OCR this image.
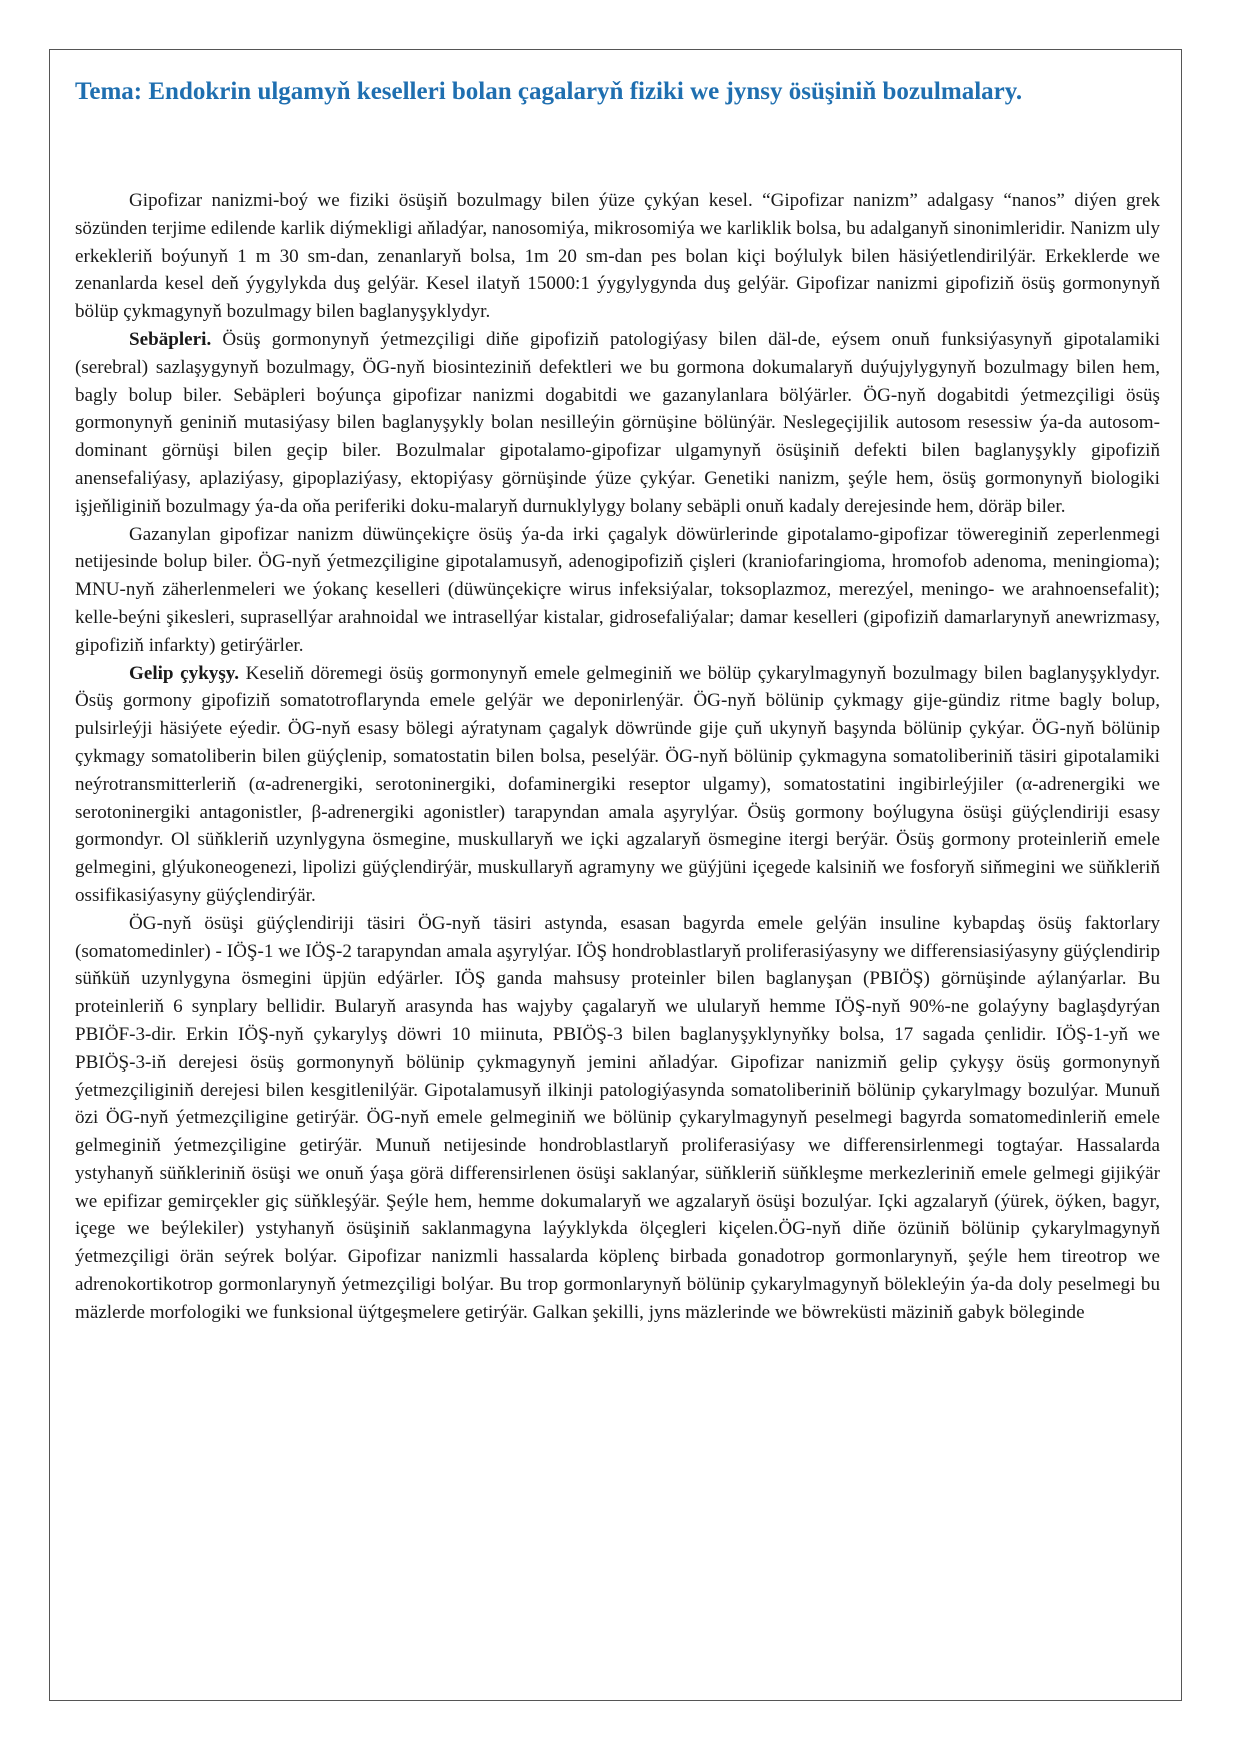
Tema: Endokrin ulgamyň keselleri bolan çagalaryň fiziki we jynsy ösüşiniň bozulmalary.

Gipofizar nanizmi-boý we fiziki ösüşiň bozulmagy bilen ýüze çykýan kesel. “Gipofizar nanizm” adalgasy “nanos” diýen grek sözünden terjime edilende karlik diýmekligi aňladýar, nanosomiýa, mikrosomiýa we karliklik bolsa, bu adalganyň sinonimleridir. Nanizm uly erkekleriň boýunyň 1 m 30 sm-dan, zenanlaryň bolsa, 1m 20 sm-dan pes bolan kiçi boýlulyk bilen häsiýetlendirilýär. Erkeklerde we zenanlarda kesel deň ýygylykda duş gelýär. Kesel ilatyň 15000:1 ýygylygynda duş gelýär. Gipofizar nanizmi gipofiziň ösüş gormonynyň bölüp çykmagynyň bozulmagy bilen baglanyşyklydyr.

Sebäpleri. Ösüş gormonynyň ýetmezçiligi diňe gipofiziň patologiýasy bilen däl-de, eýsem onuň funksiýasynyň gipotalamiki (serebral) sazlaşygynyň bozulmagy, ÖG-nyň biosinteziniň defektleri we bu gormona dokumalaryň duýujylygynyň bozulmagy bilen hem, bagly bolup biler. Sebäpleri boýunça gipofizar nanizmi dogabitdi we gazanylanlara bölýärler. ÖG-nyň dogabitdi ýetmezçiligi ösüş gormonynyň geniniň mutasiýasy bilen baglanyşykly bolan nesilleýin görnüşine bölünýär. Neslegeçijilik autosom resessiw ýa-da autosom-dominant görnüşi bilen geçip biler. Bozulmalar gipotalamo-gipofizar ulgamynyň ösüşiniň defekti bilen baglanyşykly gipofiziň anensefaliýasy, aplaziýasy, gipoplaziýasy, ektopiýasy görnüşinde ýüze çykýar. Genetiki nanizm, şeýle hem, ösüş gormonynyň biologiki işjeňliginiň bozulmagy ýa-da oňa periferiki doku-malaryň durnuklylygy bolany sebäpli onuň kadaly derejesinde hem, döräp biler.

Gazanylan gipofizar nanizm düwünçekiçre ösüş ýa-da irki çagalyk döwürlerinde gipotalamo-gipofizar töwereginiň zeperlenmegi netijesinde bolup biler. ÖG-nyň ýetmezçiligine gipotalamusyň, adenogipofiziň çişleri (kraniofaringioma, hromofob adenoma, meningioma); MNU-nyň zäherlenmeleri we ýokanç keselleri (düwünçekiçre wirus infeksiýalar, toksoplazmoz, merezýel, meningo- we arahnoensefalit); kelle-beýni şikesleri, suprasellýar arahnoidal we intrasellýar kistalar, gidrosefaliýalar; damar keselleri (gipofiziň damarlarynyň anewrizmasy, gipofiziň infarkty) getirýärler.

Gelip çykyşy. Keseliň döremegi ösüş gormonynyň emele gelmeginiň we bölüp çykarylmagynyň bozulmagy bilen baglanyşyklydyr. Ösüş gormony gipofiziň somatotroflarynda emele gelýär we deponirlenýär. ÖG-nyň bölünip çykmagy gije-gündiz ritme bagly bolup, pulsirleýji häsiýete eýedir. ÖG-nyň esasy bölegi aýratynam çagalyk döwründe gije çuň ukynyň başynda bölünip çykýar. ÖG-nyň bölünip çykmagy somatoliberin bilen güýçlenip, somatostatin bilen bolsa, peselýär. ÖG-nyň bölünip çykmagyna somatoliberiniň täsiri gipotalamiki neýrotransmitterleriň (α-adrenergiki, serotoninergiki, dofaminergiki reseptor ulgamy), somatostatini ingibirleýjiler (α-adrenergiki we serotoninergiki antagonistler, β-adrenergiki agonistler) tarapyndan amala aşyrylýar. Ösüş gormony boýlugyna ösüşi güýçlendiriji esasy gormondyr. Ol süňkleriň uzynlygyna ösmegine, muskullaryň we içki agzalaryň ösmegine itergi berýär. Ösüş gormony proteinleriň emele gelmegini, glýukoneogenezi, lipolizi güýçlendirýär, muskullaryň agramyny we güýjüni içegede kalsiniň we fosforyň siňmegini we süňkleriň ossifikasiýasyny güýçlendirýär.

ÖG-nyň ösüşi güýçlendiriji täsiri ÖG-nyň täsiri astynda, esasan bagyrda emele gelýän insuline kybapdaş ösüş faktorlary (somatomedinler) - IÖŞ-1 we IÖŞ-2 tarapyndan amala aşyrylýar. IÖŞ hondroblastlaryň proliferasiýasyny we differensiasiýasyny güýçlendirip süňküň uzynlygyna ösmegini üpjün edýärler. IÖŞ ganda mahsusy proteinler bilen baglanyşan (PBIÖŞ) görnüşinde aýlanýarlar. Bu proteinleriň 6 synplary bellidir. Bularyň arasynda has wajyby çagalaryň we ulularyň hemme IÖŞ-nyň 90%-ne golaýyny baglaşdyrýan PBIÖF-3-dir. Erkin IÖŞ-nyň çykarylyş döwri 10 miinuta, PBIÖŞ-3 bilen baglanyşyklynyňky bolsa, 17 sagada çenlidir. IÖŞ-1-yň we PBIÖŞ-3-iň derejesi ösüş gormonynyň bölünip çykmagynyň jemini aňladýar. Gipofizar nanizmiň gelip çykyşy ösüş gormonynyň ýetmezçiliginiň derejesi bilen kesgitlenilýär. Gipotalamusyň ilkinji patologiýasynda somatoliberiniň bölünip çykarylmagy bozulýar. Munuň özi ÖG-nyň ýetmezçiligine getirýär. ÖG-nyň emele gelmeginiň we bölünip çykarylmagynyň peselmegi bagyrda somatomedinleriň emele gelmeginiň ýetmezçiligine getirýär. Munuň netijesinde hondroblastlaryň proliferasiýasy we differensirlenmegi togtaýar. Hassalarda ystyhanyň süňkleriniň ösüşi we onuň ýaşa görä differensirlenen ösüşi saklanýar, süňkleriň süňkleşme merkezleriniň emele gelmegi gijikýär we epifizar gemirçekler giç süňkleşýär. Şeýle hem, hemme dokumalaryň we agzalaryň ösüşi bozulýar. Içki agzalaryň (ýürek, öýken, bagyr, içege we beýlekiler) ystyhanyň ösüşiniň saklanmagyna laýyklykda ölçegleri kiçelen.ÖG-nyň diňe özüniň bölünip çykarylmagynyň ýetmezçiligi örän seýrek bolýar. Gipofizar nanizmli hassalarda köplenç birbada gonadotrop gormonlarynyň, şeýle hem tireotrop we adrenokortikotrop gormonlarynyň ýetmezçiligi bolýar. Bu trop gormonlarynyň bölünip çykarylmagynyň bölekleýin ýa-da doly peselmegi bu mäzlerde morfologiki we funksional üýtgeşmelere getirýär. Galkan şekilli, jyns mäzlerinde we böwreküsti mäziniň gabyk böleginde
